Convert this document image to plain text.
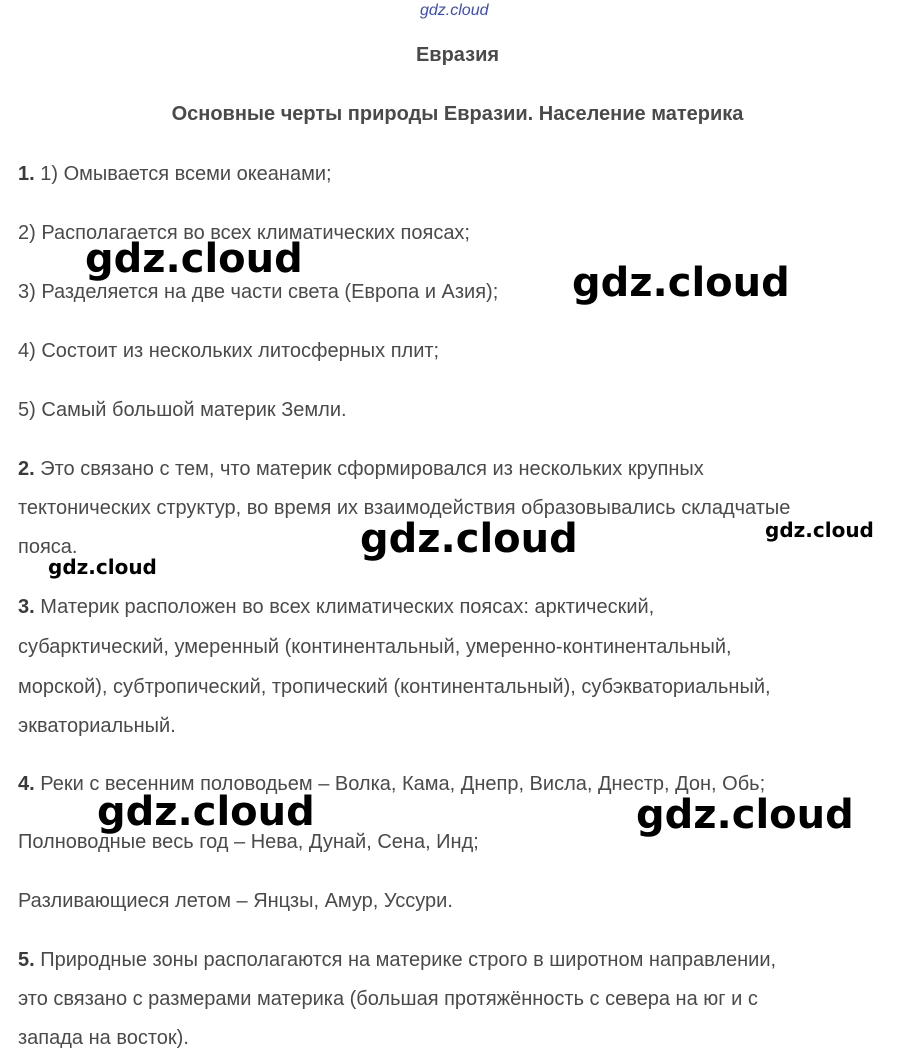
gdz.cloud
Евразия
Основные черты природы Евразии. Население материка
1. 1) Омывается всеми океанами;
2) Располагается во всех климатических поясах;
3) Разделяется на две части света (Европа и Азия);
4) Состоит из нескольких литосферных плит;
5) Самый большой материк Земли.
2. Это связано с тем, что материк сформировался из нескольких крупных
тектонических структур, во время их взаимодействия образовывались складчатые
пояса.
3. Материк расположен во всех климатических поясах: арктический,
субарктический, умеренный (континентальный, умеренно-континентальный,
морской), субтропический, тропический (континентальный), субэкваториальный,
экваториальный.
4. Реки с весенним половодьем – Волка, Кама, Днепр, Висла, Днестр, Дон, Обь;
Полноводные весь год – Нева, Дунай, Сена, Инд;
Разливающиеся летом – Янцзы, Амур, Уссури.
5. Природные зоны располагаются на материке строго в широтном направлении,
это связано с размерами материка (большая протяжённость с севера на юг и с
запада на восток).
gdz.cloud
gdz.cloud
gdz.cloud	gdz.cloud
gdz.cloud
gdz.cloud	gdz.cloud
